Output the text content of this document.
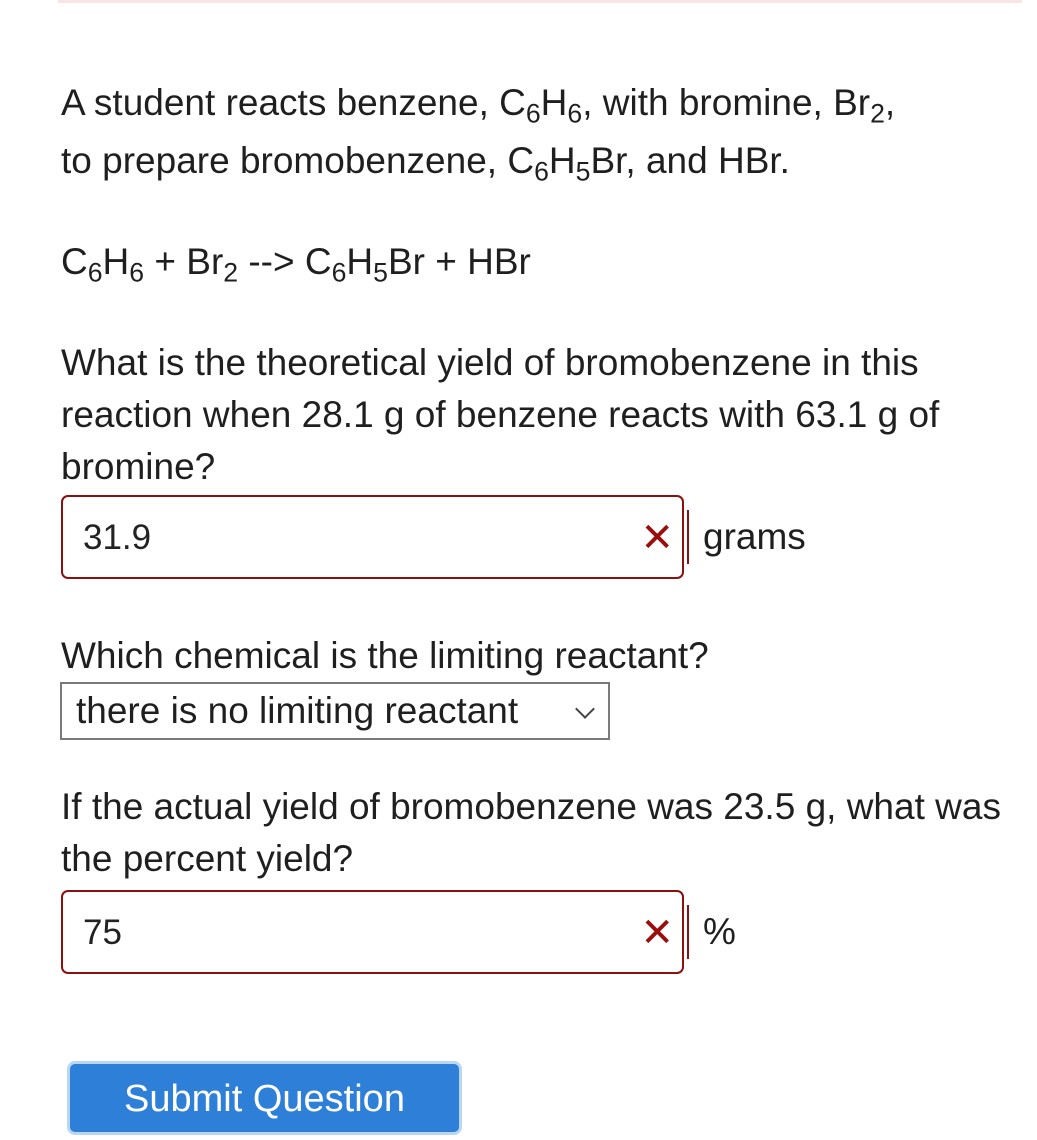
A student reacts benzene, $C_6H_6$, with bromine, $Br_2$,

to prepare bromobenzene, $C_6H_5Br$, and HBr.

$C_6H_6 + Br_2$ --> $C_6H_5Br$ + HBr
What is the theoretical yield of bromobenzene in this reaction when 28.1 g of benzene reacts with 63.1 g of bromine?
31.9	✕ grams
Which chemical is the limiting reactant?
there is no limiting reactant
If the actual yield of bromobenzene was 23.5 g, what was the percent yield?
75	✕ %
Submit Question
